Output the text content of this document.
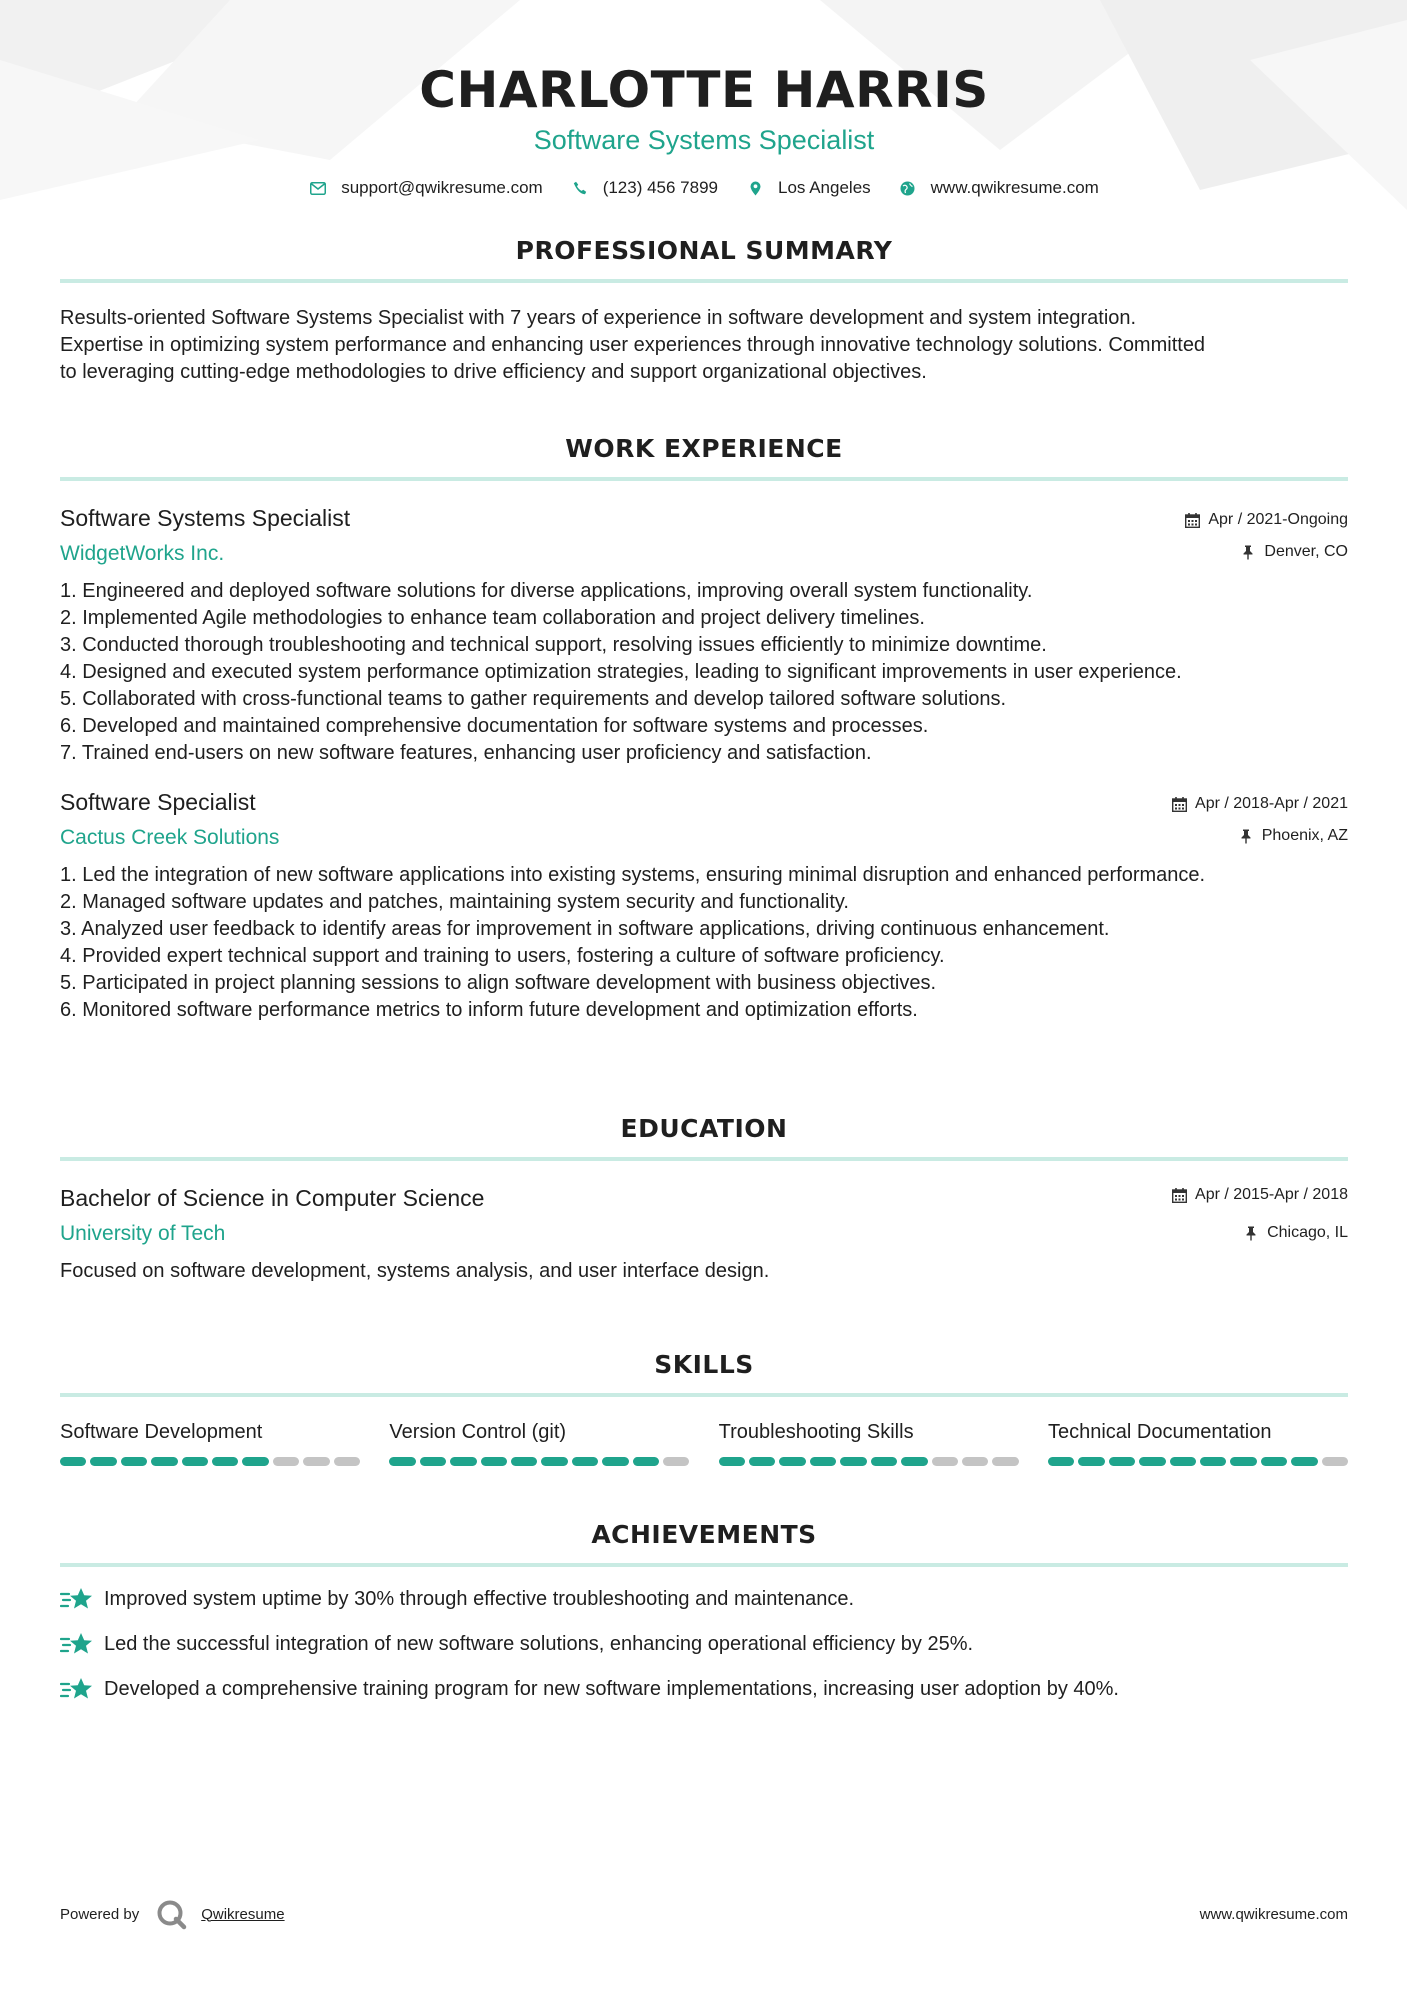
CHARLOTTE HARRIS
Software Systems Specialist
support@qwikresume.com	(123) 456 7899	Los Angeles	www.qwikresume.com
PROFESSIONAL SUMMARY
Results-oriented Software Systems Specialist with 7 years of experience in software development and system integration.
Expertise in optimizing system performance and enhancing user experiences through innovative technology solutions. Committed
to leveraging cutting-edge methodologies to drive efficiency and support organizational objectives.
WORK EXPERIENCE
Software Systems Specialist
WidgetWorks Inc.
Apr / 2021-Ongoing
Denver, CO
1. Engineered and deployed software solutions for diverse applications, improving overall system functionality.
2. Implemented Agile methodologies to enhance team collaboration and project delivery timelines.
3. Conducted thorough troubleshooting and technical support, resolving issues efficiently to minimize downtime.
4. Designed and executed system performance optimization strategies, leading to significant improvements in user experience.
5. Collaborated with cross-functional teams to gather requirements and develop tailored software solutions.
6. Developed and maintained comprehensive documentation for software systems and processes.
7. Trained end-users on new software features, enhancing user proficiency and satisfaction.
Software Specialist
Cactus Creek Solutions
Apr / 2018-Apr / 2021
Phoenix, AZ
1. Led the integration of new software applications into existing systems, ensuring minimal disruption and enhanced performance.
2. Managed software updates and patches, maintaining system security and functionality.
3. Analyzed user feedback to identify areas for improvement in software applications, driving continuous enhancement.
4. Provided expert technical support and training to users, fostering a culture of software proficiency.
5. Participated in project planning sessions to align software development with business objectives.
6. Monitored software performance metrics to inform future development and optimization efforts.
EDUCATION
Bachelor of Science in Computer Science
University of Tech
Apr / 2015-Apr / 2018
Chicago, IL
Focused on software development, systems analysis, and user interface design.
SKILLS
Software Development	Version Control (git)	Troubleshooting Skills	Technical Documentation
ACHIEVEMENTS
Improved system uptime by 30% through effective troubleshooting and maintenance.
Led the successful integration of new software solutions, enhancing operational efficiency by 25%.
Developed a comprehensive training program for new software implementations, increasing user adoption by 40%.
Powered by	Qwikresume	www.qwikresume.com
